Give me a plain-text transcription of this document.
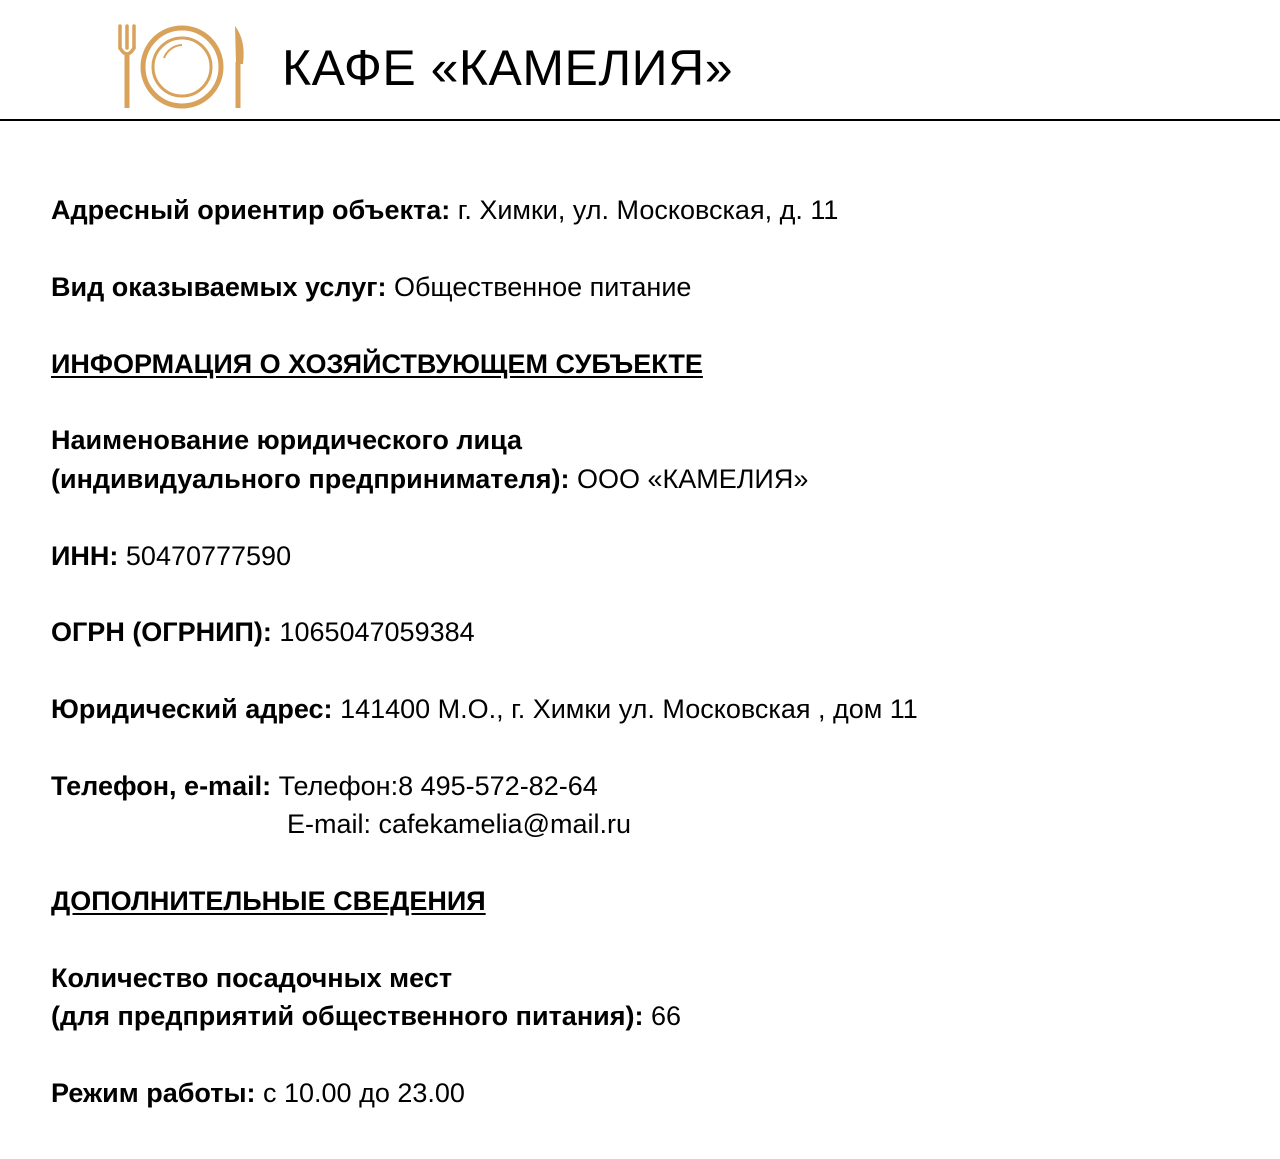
КАФЕ «КАМЕЛИЯ»
Адресный ориентир объекта: г. Химки, ул. Московская, д. 11
Вид оказываемых услуг: Общественное питание
ИНФОРМАЦИЯ О ХОЗЯЙСТВУЮЩЕМ СУБЪЕКТЕ
Наименование юридического лица
(индивидуального предпринимателя): ООО «КАМЕЛИЯ»
ИНН: 50470777590
ОГРН (ОГРНИП): 1065047059384
Юридический адрес: 141400 М.О., г. Химки ул. Московская , дом 11
Телефон, e-mail: Телефон:8 495-572-82-64
E-mail: cafekamelia@mail.ru
ДОПОЛНИТЕЛЬНЫЕ СВЕДЕНИЯ
Количество посадочных мест
(для предприятий общественного питания): 66
Режим работы: с 10.00 до 23.00
